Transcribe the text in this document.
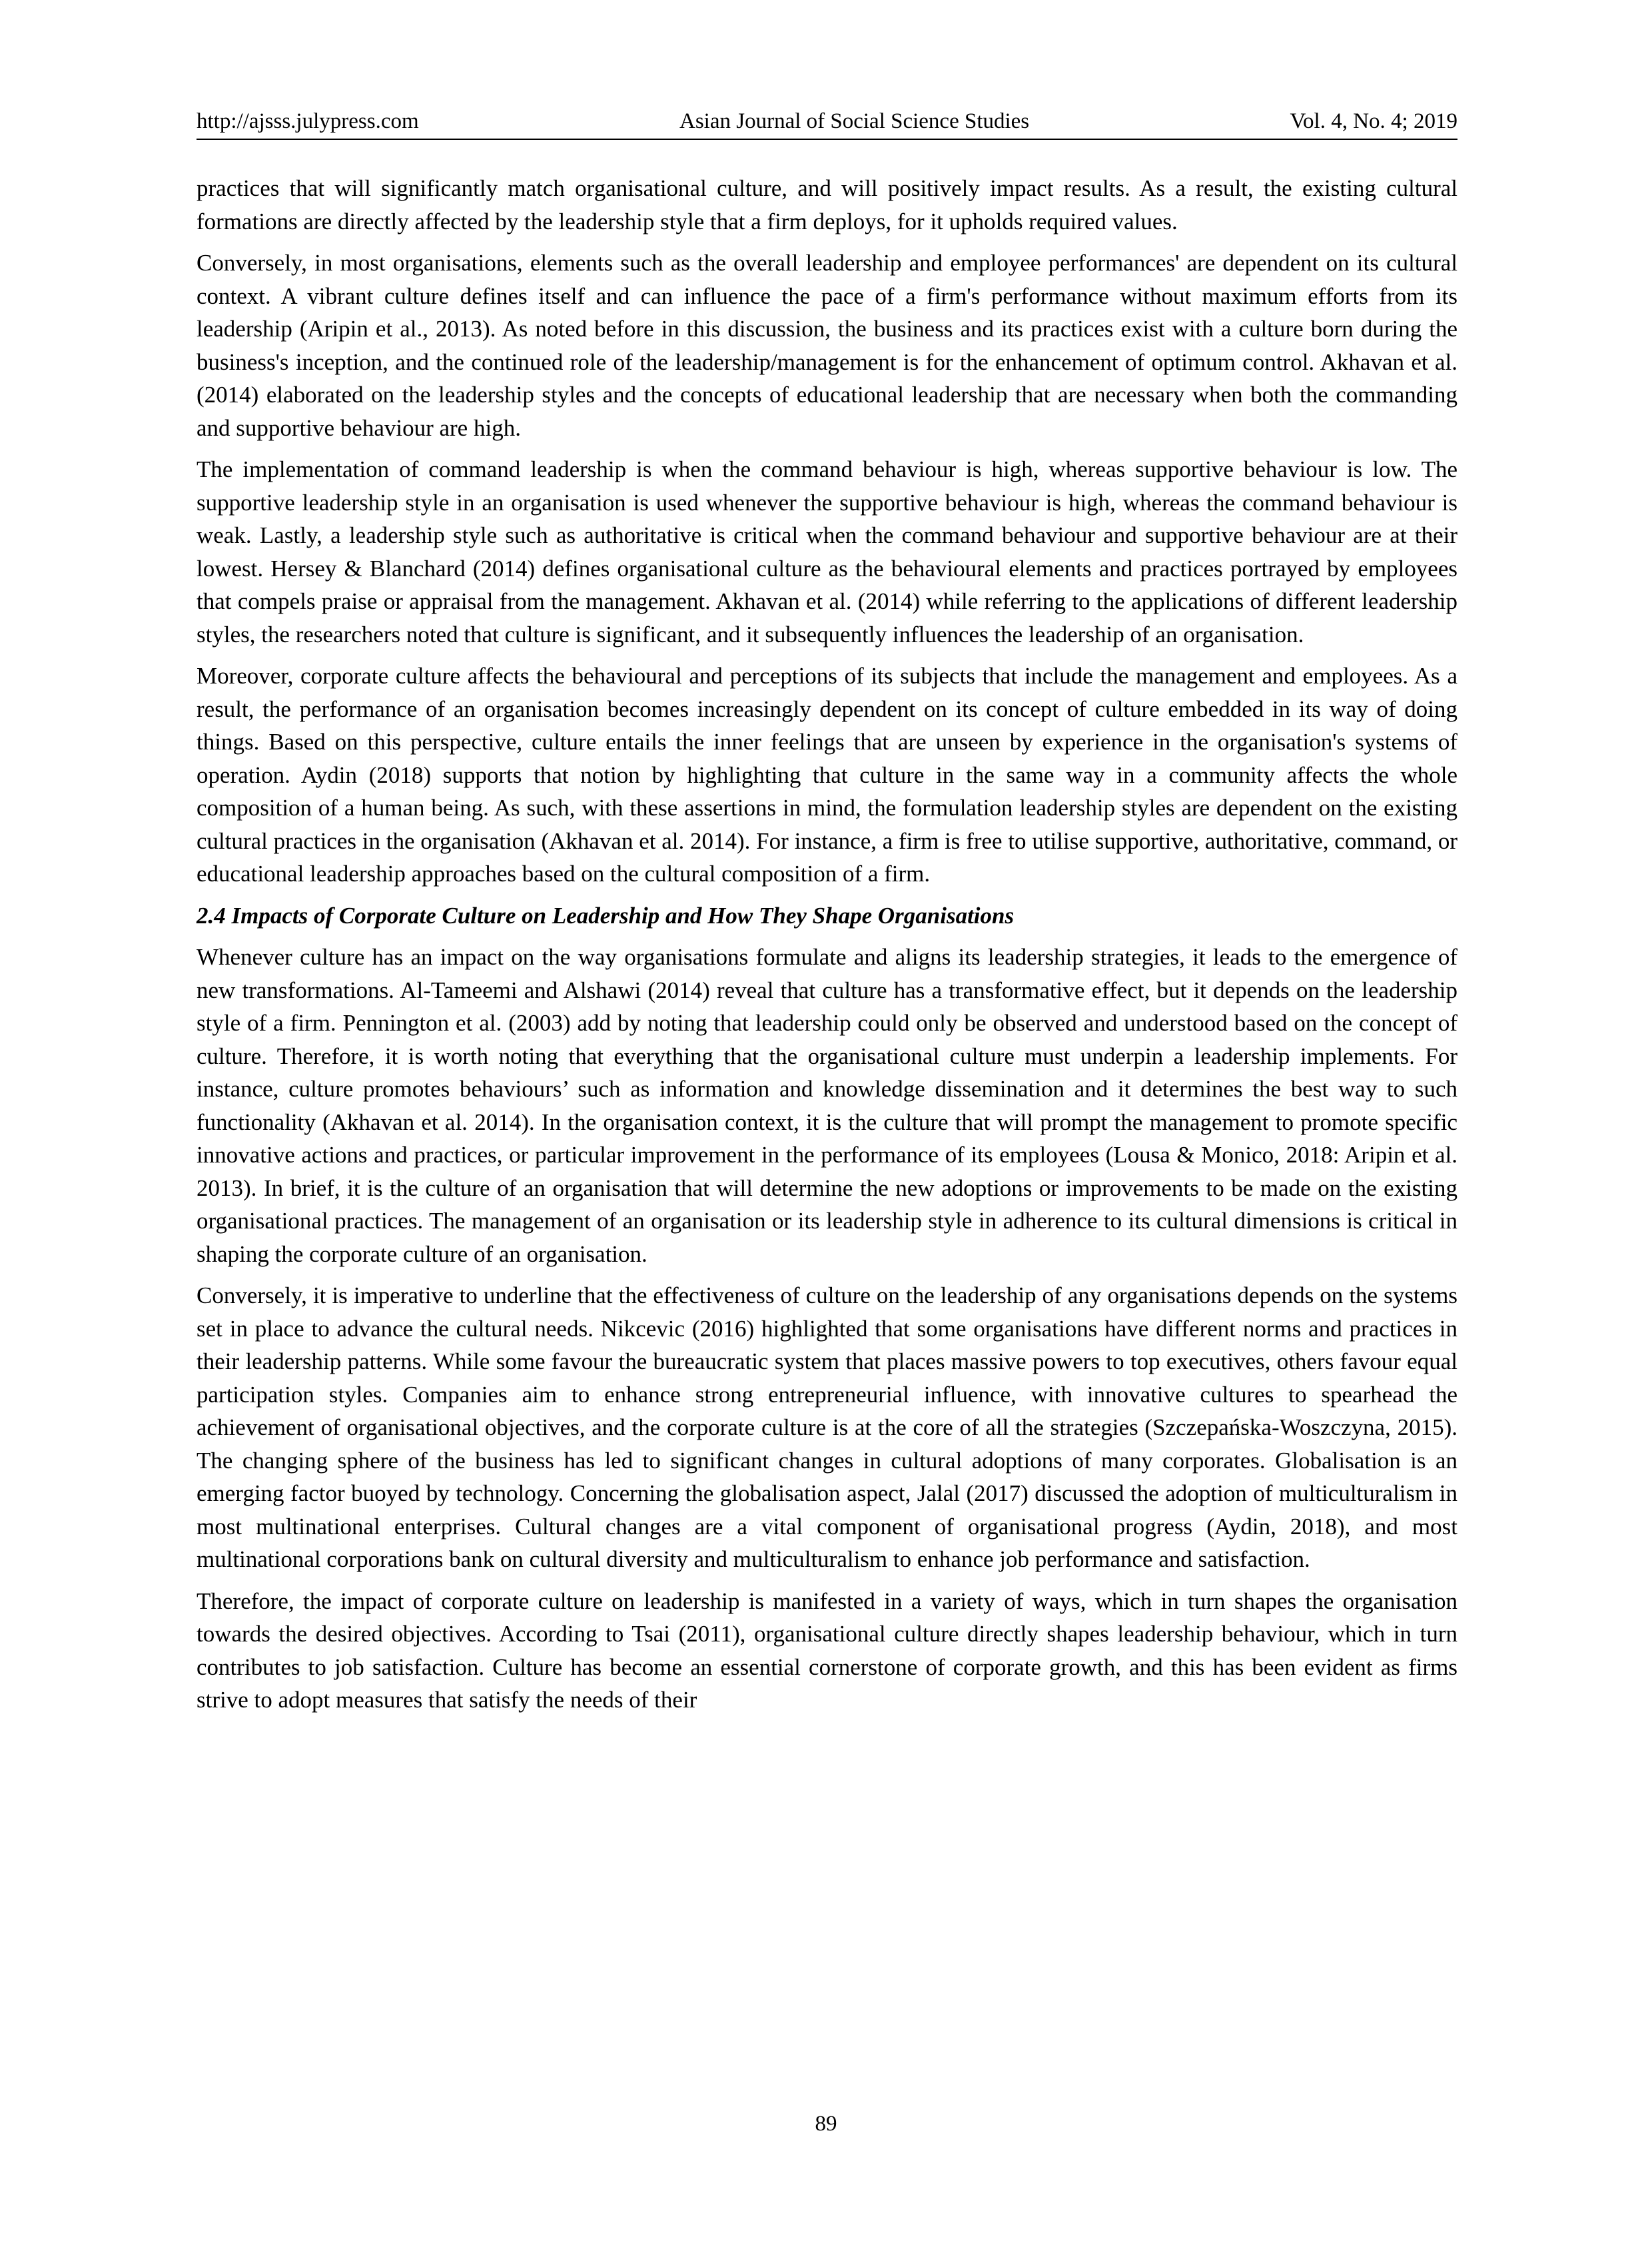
http://ajsss.julypress.com	Asian Journal of Social Science Studies	Vol. 4, No. 4; 2019

practices that will significantly match organisational culture, and will positively impact results. As a result, the existing cultural formations are directly affected by the leadership style that a firm deploys, for it upholds required values.

Conversely, in most organisations, elements such as the overall leadership and employee performances' are dependent on its cultural context. A vibrant culture defines itself and can influence the pace of a firm's performance without maximum efforts from its leadership (Aripin et al., 2013). As noted before in this discussion, the business and its practices exist with a culture born during the business's inception, and the continued role of the leadership/management is for the enhancement of optimum control. Akhavan et al. (2014) elaborated on the leadership styles and the concepts of educational leadership that are necessary when both the commanding and supportive behaviour are high.

The implementation of command leadership is when the command behaviour is high, whereas supportive behaviour is low. The supportive leadership style in an organisation is used whenever the supportive behaviour is high, whereas the command behaviour is weak. Lastly, a leadership style such as authoritative is critical when the command behaviour and supportive behaviour are at their lowest. Hersey & Blanchard (2014) defines organisational culture as the behavioural elements and practices portrayed by employees that compels praise or appraisal from the management. Akhavan et al. (2014) while referring to the applications of different leadership styles, the researchers noted that culture is significant, and it subsequently influences the leadership of an organisation.

Moreover, corporate culture affects the behavioural and perceptions of its subjects that include the management and employees. As a result, the performance of an organisation becomes increasingly dependent on its concept of culture embedded in its way of doing things. Based on this perspective, culture entails the inner feelings that are unseen by experience in the organisation's systems of operation. Aydin (2018) supports that notion by highlighting that culture in the same way in a community affects the whole composition of a human being. As such, with these assertions in mind, the formulation leadership styles are dependent on the existing cultural practices in the organisation (Akhavan et al. 2014). For instance, a firm is free to utilise supportive, authoritative, command, or educational leadership approaches based on the cultural composition of a firm.

2.4 Impacts of Corporate Culture on Leadership and How They Shape Organisations

Whenever culture has an impact on the way organisations formulate and aligns its leadership strategies, it leads to the emergence of new transformations. Al-Tameemi and Alshawi (2014) reveal that culture has a transformative effect, but it depends on the leadership style of a firm. Pennington et al. (2003) add by noting that leadership could only be observed and understood based on the concept of culture. Therefore, it is worth noting that everything that the organisational culture must underpin a leadership implements. For instance, culture promotes behaviours’ such as information and knowledge dissemination and it determines the best way to such functionality (Akhavan et al. 2014). In the organisation context, it is the culture that will prompt the management to promote specific innovative actions and practices, or particular improvement in the performance of its employees (Lousa & Monico, 2018: Aripin et al. 2013). In brief, it is the culture of an organisation that will determine the new adoptions or improvements to be made on the existing organisational practices. The management of an organisation or its leadership style in adherence to its cultural dimensions is critical in shaping the corporate culture of an organisation.

Conversely, it is imperative to underline that the effectiveness of culture on the leadership of any organisations depends on the systems set in place to advance the cultural needs. Nikcevic (2016) highlighted that some organisations have different norms and practices in their leadership patterns. While some favour the bureaucratic system that places massive powers to top executives, others favour equal participation styles. Companies aim to enhance strong entrepreneurial influence, with innovative cultures to spearhead the achievement of organisational objectives, and the corporate culture is at the core of all the strategies (Szczepańska-Woszczyna, 2015). The changing sphere of the business has led to significant changes in cultural adoptions of many corporates. Globalisation is an emerging factor buoyed by technology. Concerning the globalisation aspect, Jalal (2017) discussed the adoption of multiculturalism in most multinational enterprises. Cultural changes are a vital component of organisational progress (Aydin, 2018), and most multinational corporations bank on cultural diversity and multiculturalism to enhance job performance and satisfaction.

Therefore, the impact of corporate culture on leadership is manifested in a variety of ways, which in turn shapes the organisation towards the desired objectives. According to Tsai (2011), organisational culture directly shapes leadership behaviour, which in turn contributes to job satisfaction. Culture has become an essential cornerstone of corporate growth, and this has been evident as firms strive to adopt measures that satisfy the needs of their

89
